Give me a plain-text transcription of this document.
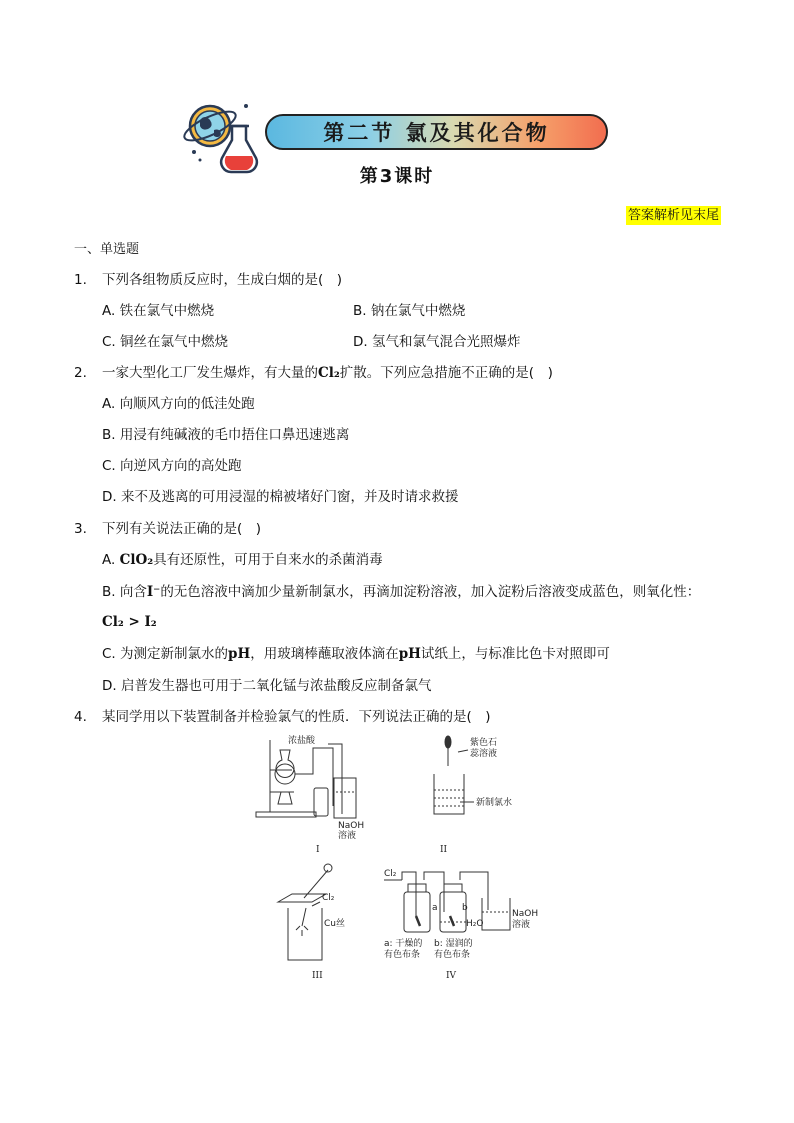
第二节 氯及其化合物
第3课时
答案解析见末尾
一、单选题
1. 下列各组物质反应时，生成白烟的是(　)
A. 铁在氯气中燃烧	B. 钠在氯气中燃烧
C. 铜丝在氯气中燃烧	D. 氢气和氯气混合光照爆炸
2. 一家大型化工厂发生爆炸，有大量的Cl₂扩散。下列应急措施不正确的是(　)
A. 向顺风方向的低洼处跑
B. 用浸有纯碱液的毛巾捂住口鼻迅速逃离
C. 向逆风方向的高处跑
D. 来不及逃离的可用浸湿的棉被堵好门窗，并及时请求救援
3. 下列有关说法正确的是(　)
A. ClO₂具有还原性，可用于自来水的杀菌消毒
B. 向含I⁻的无色溶液中滴加少量新制氯水，再滴加淀粉溶液，加入淀粉后溶液变成蓝色，则氧化性：
Cl₂ > I₂
C. 为测定新制氯水的pH，用玻璃棒蘸取液体滴在pH试纸上，与标准比色卡对照即可
D. 启普发生器也可用于二氧化锰与浓盐酸反应制备氯气
4. 某同学用以下装置制备并检验氯气的性质．下列说法正确的是(　)
浓盐酸
NaOH
溶液
I
紫色石
蕊溶液
新制氯水
II
Cl₂
Cu丝
III
Cl₂
a	b
H₂O
NaOH
溶液
a: 干燥的
有色布条
b: 湿润的
有色布条
IV
